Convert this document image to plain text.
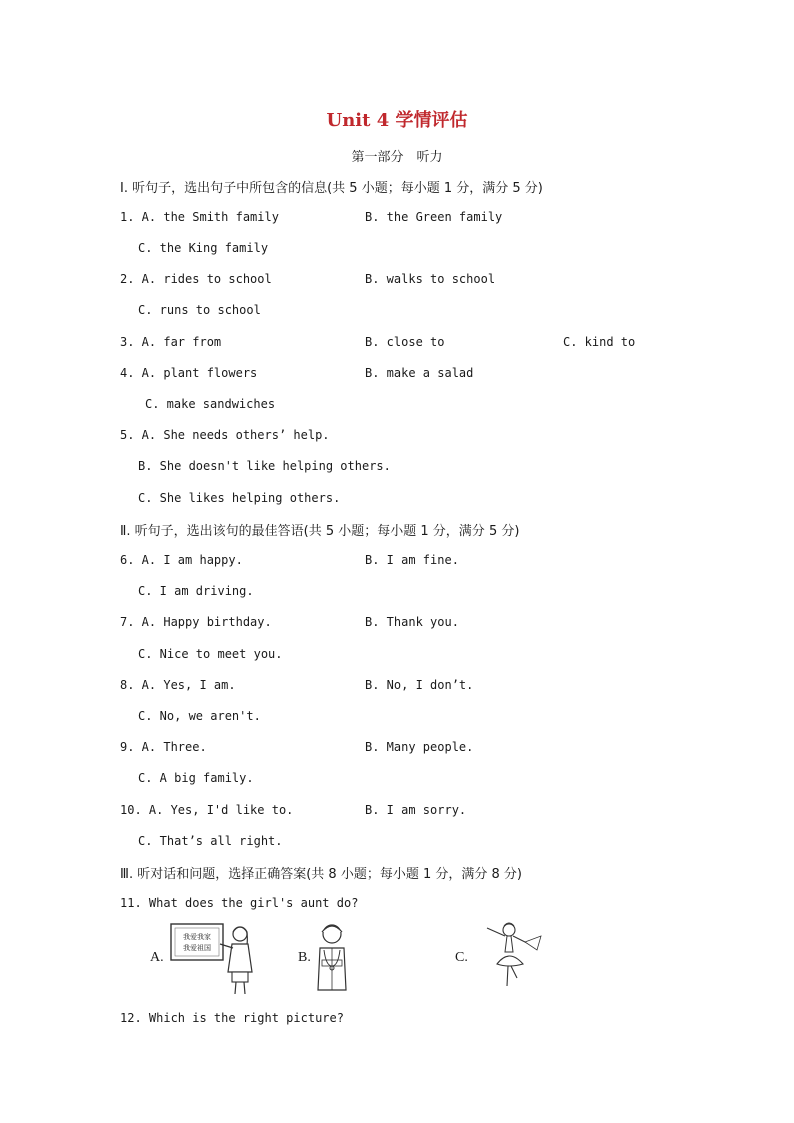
Unit 4 学情评估
第一部分　听力
Ⅰ. 听句子，选出句子中所包含的信息(共 5 小题；每小题 1 分，满分 5 分)
1. A. the Smith family	B. the Green family
C. the King family
2. A. rides to school	B. walks to school
C. runs to school
3. A. far from	B. close to	C. kind to
4. A. plant flowers	B. make a salad
C. make sandwiches
5. A. She needs others’ help.
B. She doesn't like helping others.
C. She likes helping others.
Ⅱ. 听句子，选出该句的最佳答语(共 5 小题；每小题 1 分，满分 5 分)
6. A. I am happy.	B. I am fine.
C. I am driving.
7. A. Happy birthday.	B. Thank you.
C. Nice to meet you.
8. A. Yes, I am.	B. No, I don’t.
C. No, we aren't.
9. A. Three.	B. Many people.
C. A big family.
10. A. Yes, I'd like to.	B. I am sorry.
C. That’s all right.
Ⅲ. 听对话和问题，选择正确答案(共 8 小题；每小题 1 分，满分 8 分)
11. What does the girl's aunt do?
A.
我爱我家
我爱祖国
B.	C.
12. Which is the right picture?
